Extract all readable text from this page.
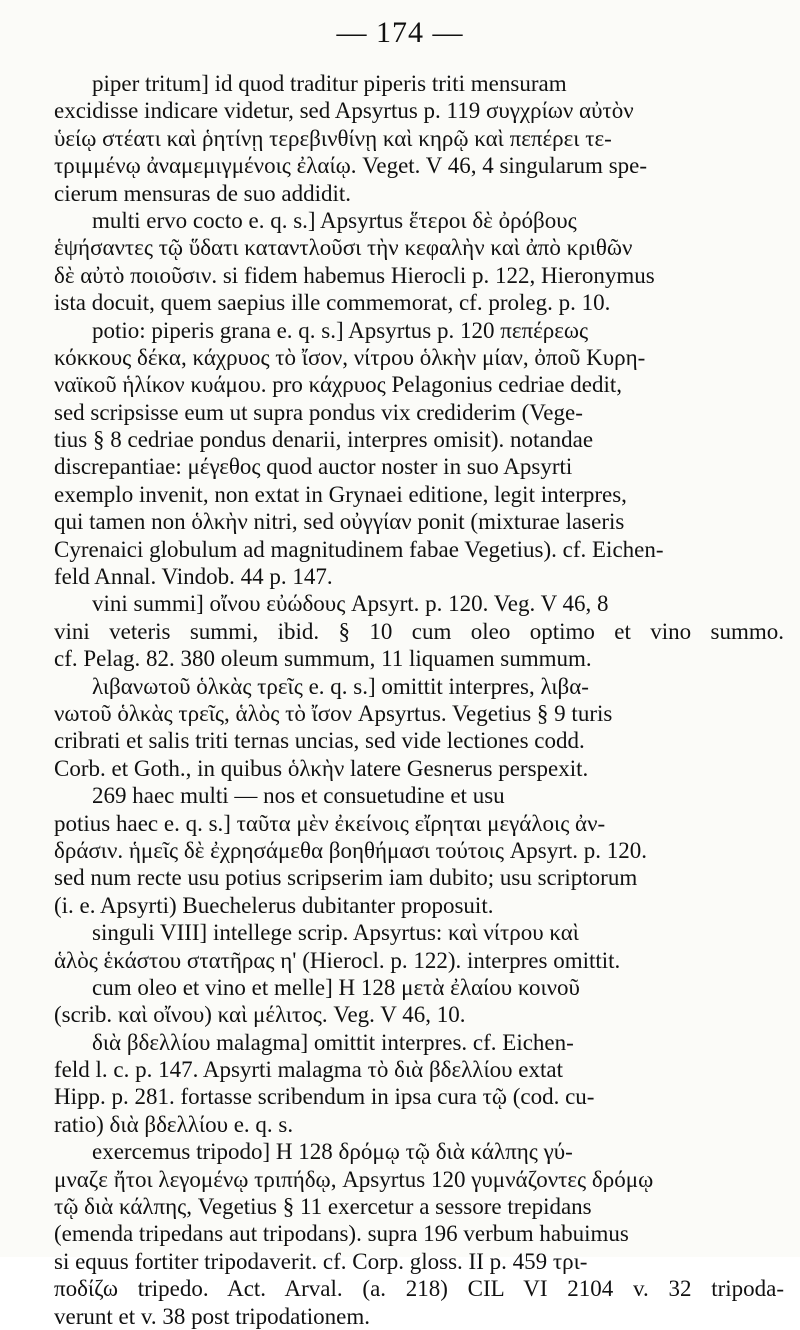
— 174 —
piper tritum] id quod traditur piperis triti mensuram
excidisse indicare videtur, sed Apsyrtus p. 119 συγχρίων αὐτὸν
ὑείῳ στέατι καὶ ῥητίνῃ τερεβινθίνῃ καὶ κηρῷ καὶ πεπέρει τε-
τριμμένῳ ἀναμεμιγμένοις ἐλαίῳ. Veget. V 46, 4 singularum spe-
cierum mensuras de suo addidit.
multi ervo cocto e. q. s.] Apsyrtus ἕτεροι δὲ ὀρόβους
ἑψήσαντες τῷ ὕδατι καταντλοῦσι τὴν κεφαλὴν καὶ ἀπὸ κριθῶν
δὲ αὐτὸ ποιοῦσιν. si fidem habemus Hierocli p. 122, Hieronymus
ista docuit, quem saepius ille commemorat, cf. proleg. p. 10.
potio: piperis grana e. q. s.] Apsyrtus p. 120 πεπέρεως
κόκκους δέκα, κάχρυος τὸ ἴσον, νίτρου ὁλκὴν μίαν, ὀποῦ Κυρη-
ναϊκοῦ ἡλίκον κυάμου. pro κάχρυος Pelagonius cedriae dedit,
sed scripsisse eum ut supra pondus vix crediderim (Vege-
tius § 8 cedriae pondus denarii, interpres omisit). notandae
discrepantiae: μέγεθος quod auctor noster in suo Apsyrti
exemplo invenit, non extat in Grynaei editione, legit interpres,
qui tamen non ὁλκὴν nitri, sed οὐγγίαν ponit (mixturae laseris
Cyrenaici globulum ad magnitudinem fabae Vegetius). cf. Eichen-
feld Annal. Vindob. 44 p. 147.
vini summi] οἴνου εὐώδους Apsyrt. p. 120. Veg. V 46, 8
vini veteris summi, ibid. § 10 cum oleo optimo et vino summo.
cf. Pelag. 82. 380 oleum summum, 11 liquamen summum.
λιβανωτοῦ ὁλκὰς τρεῖς e. q. s.] omittit interpres, λιβα-
νωτοῦ ὁλκὰς τρεῖς, ἁλὸς τὸ ἴσον Apsyrtus. Vegetius § 9 turis
cribrati et salis triti ternas uncias, sed vide lectiones codd.
Corb. et Goth., in quibus ὁλκὴν latere Gesnerus perspexit.
269 haec multi — nos et consuetudine et usu
potius haec e. q. s.] ταῦτα μὲν ἐκείνοις εἴρηται μεγάλοις ἀν-
δράσιν. ἡμεῖς δὲ ἐχρησάμεθα βοηθήμασι τούτοις Apsyrt. p. 120.
sed num recte usu potius scripserim iam dubito; usu scriptorum
(i. e. Apsyrti) Buechelerus dubitanter proposuit.
singuli VIII] intellege scrip. Apsyrtus: καὶ νίτρου καὶ
ἁλὸς ἑκάστου στατῆρας η' (Hierocl. p. 122). interpres omittit.
cum oleo et vino et melle] H 128 μετὰ ἐλαίου κοινοῦ
(scrib. καὶ οἴνου) καὶ μέλιτος. Veg. V 46, 10.
διὰ βδελλίου malagma] omittit interpres. cf. Eichen-
feld l. c. p. 147. Apsyrti malagma τὸ διὰ βδελλίου extat
Hipp. p. 281. fortasse scribendum in ipsa cura τῷ (cod. cu-
ratio) διὰ βδελλίου e. q. s.
exercemus tripodo] H 128 δρόμῳ τῷ διὰ κάλπης γύ-
μναζε ἤτοι λεγομένῳ τριπήδῳ, Apsyrtus 120 γυμνάζοντες δρόμῳ
τῷ διὰ κάλπης, Vegetius § 11 exercetur a sessore trepidans
(emenda tripedans aut tripodans). supra 196 verbum habuimus
si equus fortiter tripodaverit. cf. Corp. gloss. II p. 459 τρι-
ποδίζω tripedo. Act. Arval. (a. 218) CIL VI 2104 v. 32 tripoda-
verunt et v. 38 post tripodationem.
